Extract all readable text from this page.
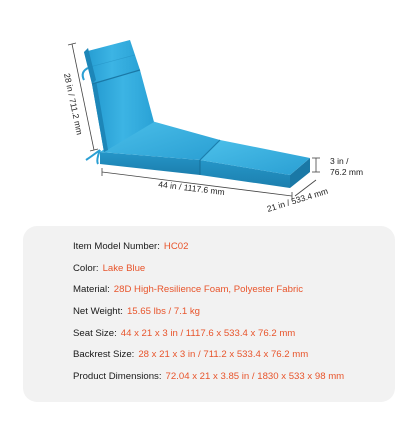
28 in / 711.2 mm
44 in / 1117.6 mm	21 in / 533.4 mm
3 in /
76.2 mm
Item Model Number: HC02
Color: Lake Blue
Material: 28D High-Resilience Foam, Polyester Fabric
Net Weight: 15.65 lbs / 7.1 kg
Seat Size: 44 x 21 x 3 in / 1117.6 x 533.4 x 76.2 mm
Backrest Size: 28 x 21 x 3 in / 711.2 x 533.4 x 76.2 mm
Product Dimensions: 72.04 x 21 x 3.85 in / 1830 x 533 x 98 mm
